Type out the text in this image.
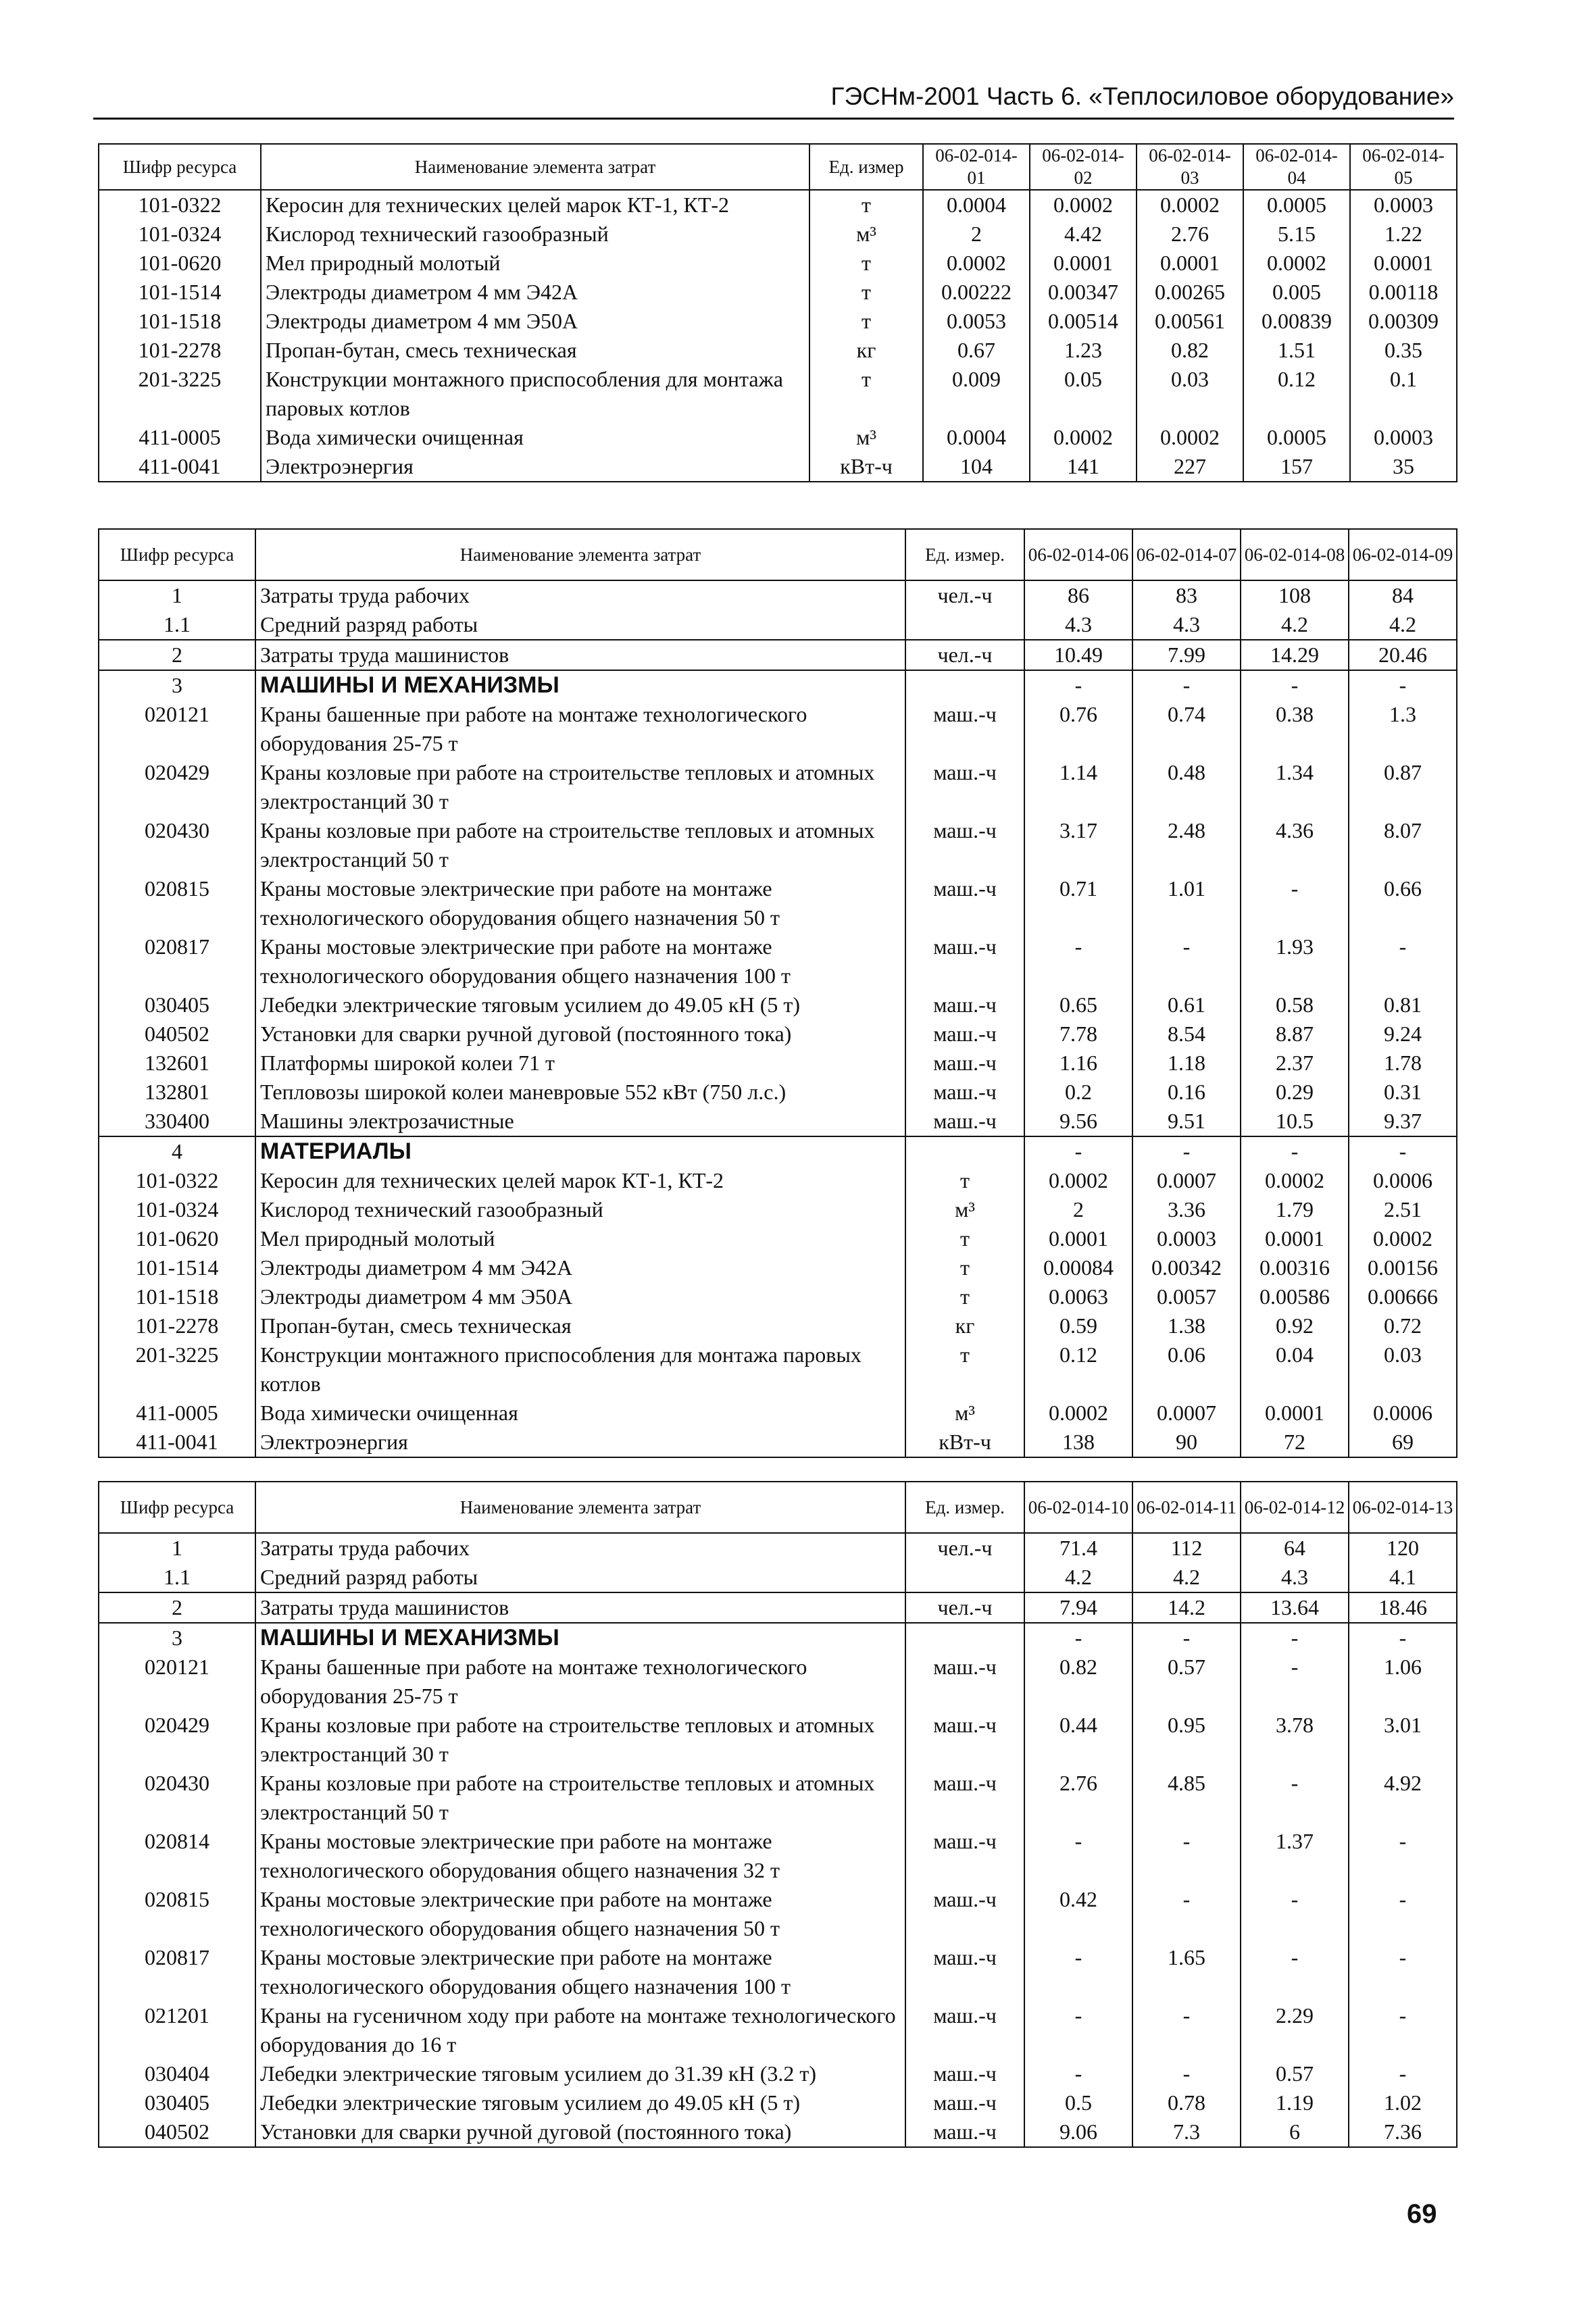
ГЭСНм-2001 Часть 6. «Теплосиловое оборудование»
Шифр ресурса	Наименование элемента затрат	Ед. измер	06-02-014-01	06-02-014-02	06-02-014-03	06-02-014-04	06-02-014-05
101-0322	Керосин для технических целей марок КТ-1, КТ-2	т	0.0004	0.0002	0.0002	0.0005	0.0003
101-0324	Кислород технический газообразный	м³	2	4.42	2.76	5.15	1.22
101-0620	Мел природный молотый	т	0.0002	0.0001	0.0001	0.0002	0.0001
101-1514	Электроды диаметром 4 мм Э42А	т	0.00222	0.00347	0.00265	0.005	0.00118
101-1518	Электроды диаметром 4 мм Э50А	т	0.0053	0.00514	0.00561	0.00839	0.00309
101-2278	Пропан-бутан, смесь техническая	кг	0.67	1.23	0.82	1.51	0.35
201-3225	Конструкции монтажного приспособления для монтажа паровых котлов	т	0.009	0.05	0.03	0.12	0.1
411-0005	Вода химически очищенная	м³	0.0004	0.0002	0.0002	0.0005	0.0003
411-0041	Электроэнергия	кВт-ч	104	141	227	157	35
Шифр ресурса	Наименование элемента затрат	Ед. измер.	06-02-014-06	06-02-014-07	06-02-014-08	06-02-014-09
1	Затраты труда рабочих	чел.-ч	86	83	108	84
1.1	Средний разряд работы		4.3	4.3	4.2	4.2
2	Затраты труда машинистов	чел.-ч	10.49	7.99	14.29	20.46
3	МАШИНЫ И МЕХАНИЗМЫ		-	-	-	-
020121	Краны башенные при работе на монтаже технологического оборудования 25-75 т	маш.-ч	0.76	0.74	0.38	1.3
020429	Краны козловые при работе на строительстве тепловых и атомных электростанций 30 т	маш.-ч	1.14	0.48	1.34	0.87
020430	Краны козловые при работе на строительстве тепловых и атомных электростанций 50 т	маш.-ч	3.17	2.48	4.36	8.07
020815	Краны мостовые электрические при работе на монтаже технологического оборудования общего назначения 50 т	маш.-ч	0.71	1.01	-	0.66
020817	Краны мостовые электрические при работе на монтаже технологического оборудования общего назначения 100 т	маш.-ч	-	-	1.93	-
030405	Лебедки электрические тяговым усилием до 49.05 кН (5 т)	маш.-ч	0.65	0.61	0.58	0.81
040502	Установки для сварки ручной дуговой (постоянного тока)	маш.-ч	7.78	8.54	8.87	9.24
132601	Платформы широкой колеи 71 т	маш.-ч	1.16	1.18	2.37	1.78
132801	Тепловозы широкой колеи маневровые 552 кВт (750 л.с.)	маш.-ч	0.2	0.16	0.29	0.31
330400	Машины электрозачистные	маш.-ч	9.56	9.51	10.5	9.37
4	МАТЕРИАЛЫ		-	-	-	-
101-0322	Керосин для технических целей марок КТ-1, КТ-2	т	0.0002	0.0007	0.0002	0.0006
101-0324	Кислород технический газообразный	м³	2	3.36	1.79	2.51
101-0620	Мел природный молотый	т	0.0001	0.0003	0.0001	0.0002
101-1514	Электроды диаметром 4 мм Э42А	т	0.00084	0.00342	0.00316	0.00156
101-1518	Электроды диаметром 4 мм Э50А	т	0.0063	0.0057	0.00586	0.00666
101-2278	Пропан-бутан, смесь техническая	кг	0.59	1.38	0.92	0.72
201-3225	Конструкции монтажного приспособления для монтажа паровых котлов	т	0.12	0.06	0.04	0.03
411-0005	Вода химически очищенная	м³	0.0002	0.0007	0.0001	0.0006
411-0041	Электроэнергия	кВт-ч	138	90	72	69
Шифр ресурса	Наименование элемента затрат	Ед. измер.	06-02-014-10	06-02-014-11	06-02-014-12	06-02-014-13
1	Затраты труда рабочих	чел.-ч	71.4	112	64	120
1.1	Средний разряд работы		4.2	4.2	4.3	4.1
2	Затраты труда машинистов	чел.-ч	7.94	14.2	13.64	18.46
3	МАШИНЫ И МЕХАНИЗМЫ		-	-	-	-
020121	Краны башенные при работе на монтаже технологического оборудования 25-75 т	маш.-ч	0.82	0.57	-	1.06
020429	Краны козловые при работе на строительстве тепловых и атомных электростанций 30 т	маш.-ч	0.44	0.95	3.78	3.01
020430	Краны козловые при работе на строительстве тепловых и атомных электростанций 50 т	маш.-ч	2.76	4.85	-	4.92
020814	Краны мостовые электрические при работе на монтаже технологического оборудования общего назначения 32 т	маш.-ч	-	-	1.37	-
020815	Краны мостовые электрические при работе на монтаже технологического оборудования общего назначения 50 т	маш.-ч	0.42	-	-	-
020817	Краны мостовые электрические при работе на монтаже технологического оборудования общего назначения 100 т	маш.-ч	-	1.65	-	-
021201	Краны на гусеничном ходу при работе на монтаже технологического оборудования до 16 т	маш.-ч	-	-	2.29	-
030404	Лебедки электрические тяговым усилием до 31.39 кН (3.2 т)	маш.-ч	-	-	0.57	-
030405	Лебедки электрические тяговым усилием до 49.05 кН (5 т)	маш.-ч	0.5	0.78	1.19	1.02
040502	Установки для сварки ручной дуговой (постоянного тока)	маш.-ч	9.06	7.3	6	7.36
69
